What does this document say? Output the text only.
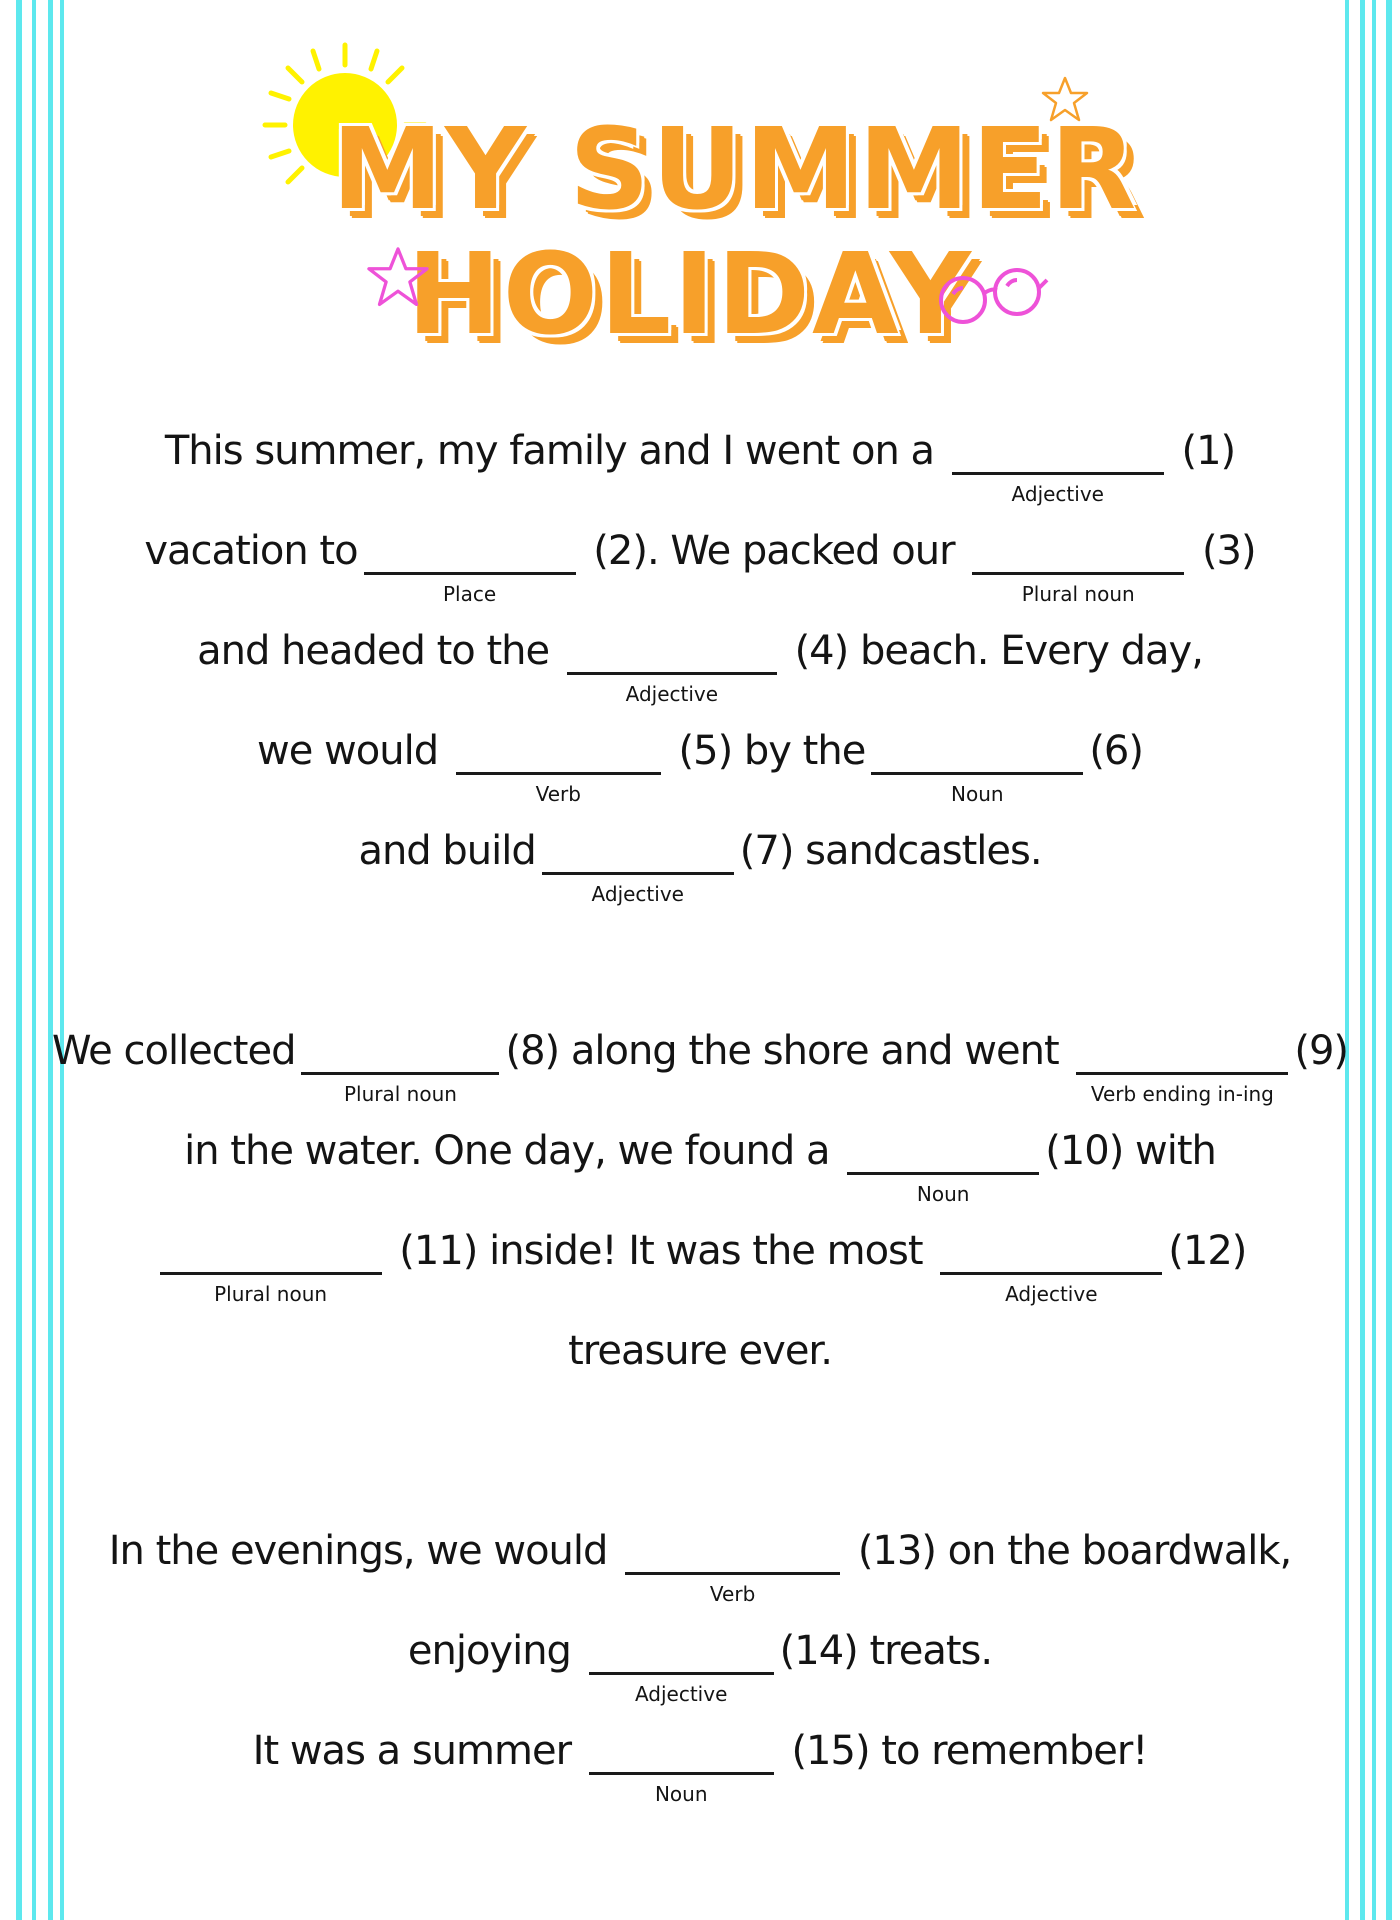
MY SUMMER
HOLIDAY
This summer, my family and I went on a
Adjective
(1)
vacation to
Place
(2). We packed our
Plural noun
(3)
and headed to the
Adjective
(4) beach. Every day,
we would
Verb
(5) by the
Noun
(6)
and build
Adjective
(7) sandcastles.
We collected
Plural noun
(8) along the shore and went
Verb ending in-ing
(9)
in the water. One day, we found a
Noun
(10) with
Plural noun
(11) inside! It was the most
Adjective
(12)
treasure ever.
In the evenings, we would
Verb
(13) on the boardwalk,
enjoying
Adjective
(14) treats.
It was a summer
Noun
(15) to remember!
